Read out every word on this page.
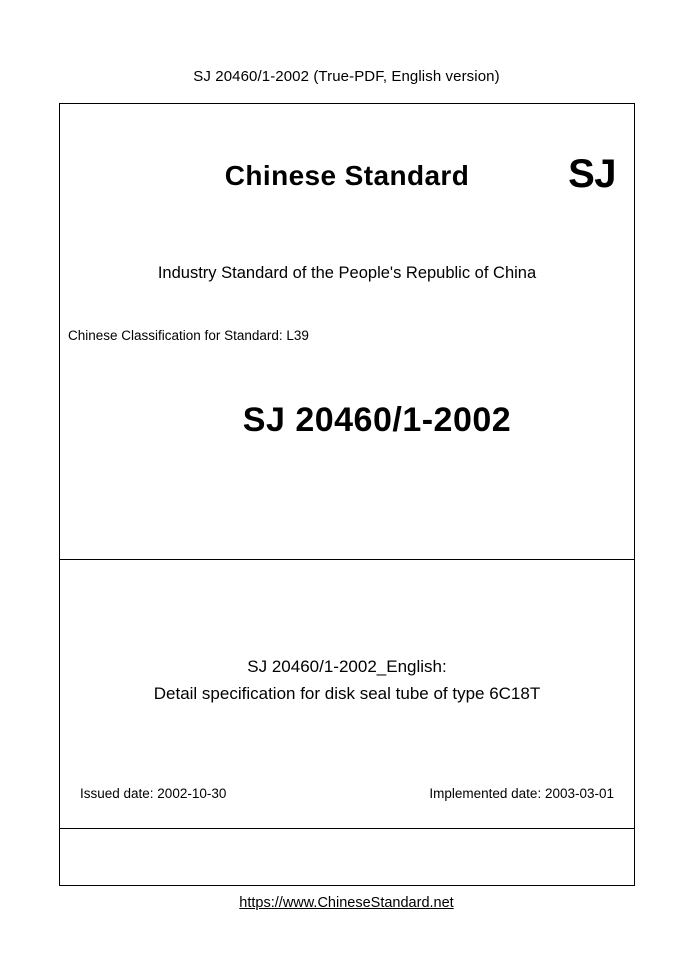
SJ 20460/1-2002 (True-PDF, English version)
Chinese Standard	SJ
Industry Standard of the People's Republic of China
Chinese Classification for Standard: L39
SJ 20460/1-2002
SJ 20460/1-2002_English:
Detail specification for disk seal tube of type 6C18T
Issued date: 2002-10-30	Implemented date: 2003-03-01
https://www.ChineseStandard.net
